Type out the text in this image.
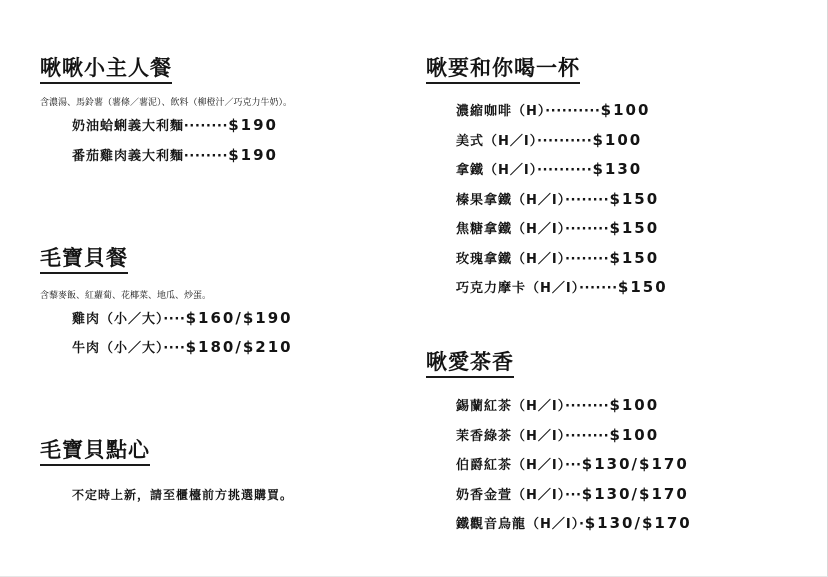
啾啾小主人餐
含濃湯、馬鈴薯（薯條／薯泥）、飲料（柳橙汁／巧克力牛奶）。
奶油蛤蜊義大利麵‧‧‧‧‧‧‧‧$190
番茄雞肉義大利麵‧‧‧‧‧‧‧‧$190
毛寶貝餐
含藜麥飯、紅蘿蔔、花椰菜、地瓜、炒蛋。
雞肉（小／大）‧‧‧‧$160/$190
牛肉（小／大）‧‧‧‧$180/$210
毛寶貝點心
不定時上新，請至櫃檯前方挑選購買。
啾要和你喝一杯
濃縮咖啡（H）‧‧‧‧‧‧‧‧‧‧$100
美式（H／I）‧‧‧‧‧‧‧‧‧‧$100
拿鐵（H／I）‧‧‧‧‧‧‧‧‧‧$130
榛果拿鐵（H／I）‧‧‧‧‧‧‧‧$150
焦糖拿鐵（H／I）‧‧‧‧‧‧‧‧$150
玫瑰拿鐵（H／I）‧‧‧‧‧‧‧‧$150
巧克力摩卡（H／I）‧‧‧‧‧‧‧$150
啾愛茶香
錫蘭紅茶（H／I）‧‧‧‧‧‧‧‧$100
茉香綠茶（H／I）‧‧‧‧‧‧‧‧$100
伯爵紅茶（H／I）‧‧‧$130/$170
奶香金萱（H／I）‧‧‧$130/$170
鐵觀音烏龍（H／I）‧$130/$170
